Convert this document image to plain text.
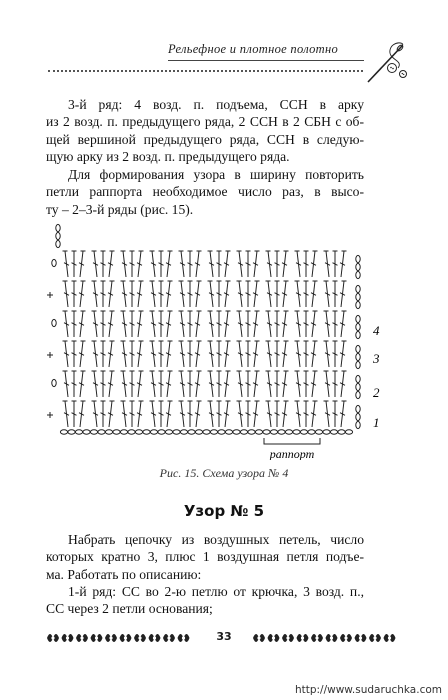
Рельефное и плотное полотно

3-й ряд: 4 возд. п. подъема, ССН в арку
из 2 возд. п. предыдущего ряда, 2 ССН в 2 СБН с об-
щей вершиной предыдущего ряда, ССН в следую-
щую арку из 2 возд. п. предыдущего ряда.

Для формирования узора в ширину повторить
петли раппорта необходимое число раз, в высо-
ту – 2–3-й ряды (рис. 15).

4
3
2
1
раппорт
Рис. 15. Схема узора № 4
Узор № 5

Набрать цепочку из воздушных петель, число
которых кратно 3, плюс 1 воздушная петля подъе-
ма. Работать по описанию:

1-й ряд: СС во 2-ю петлю от крючка, 3 возд. п.,
СС через 2 петли основания;

33
http://www.sudaruchka.com
